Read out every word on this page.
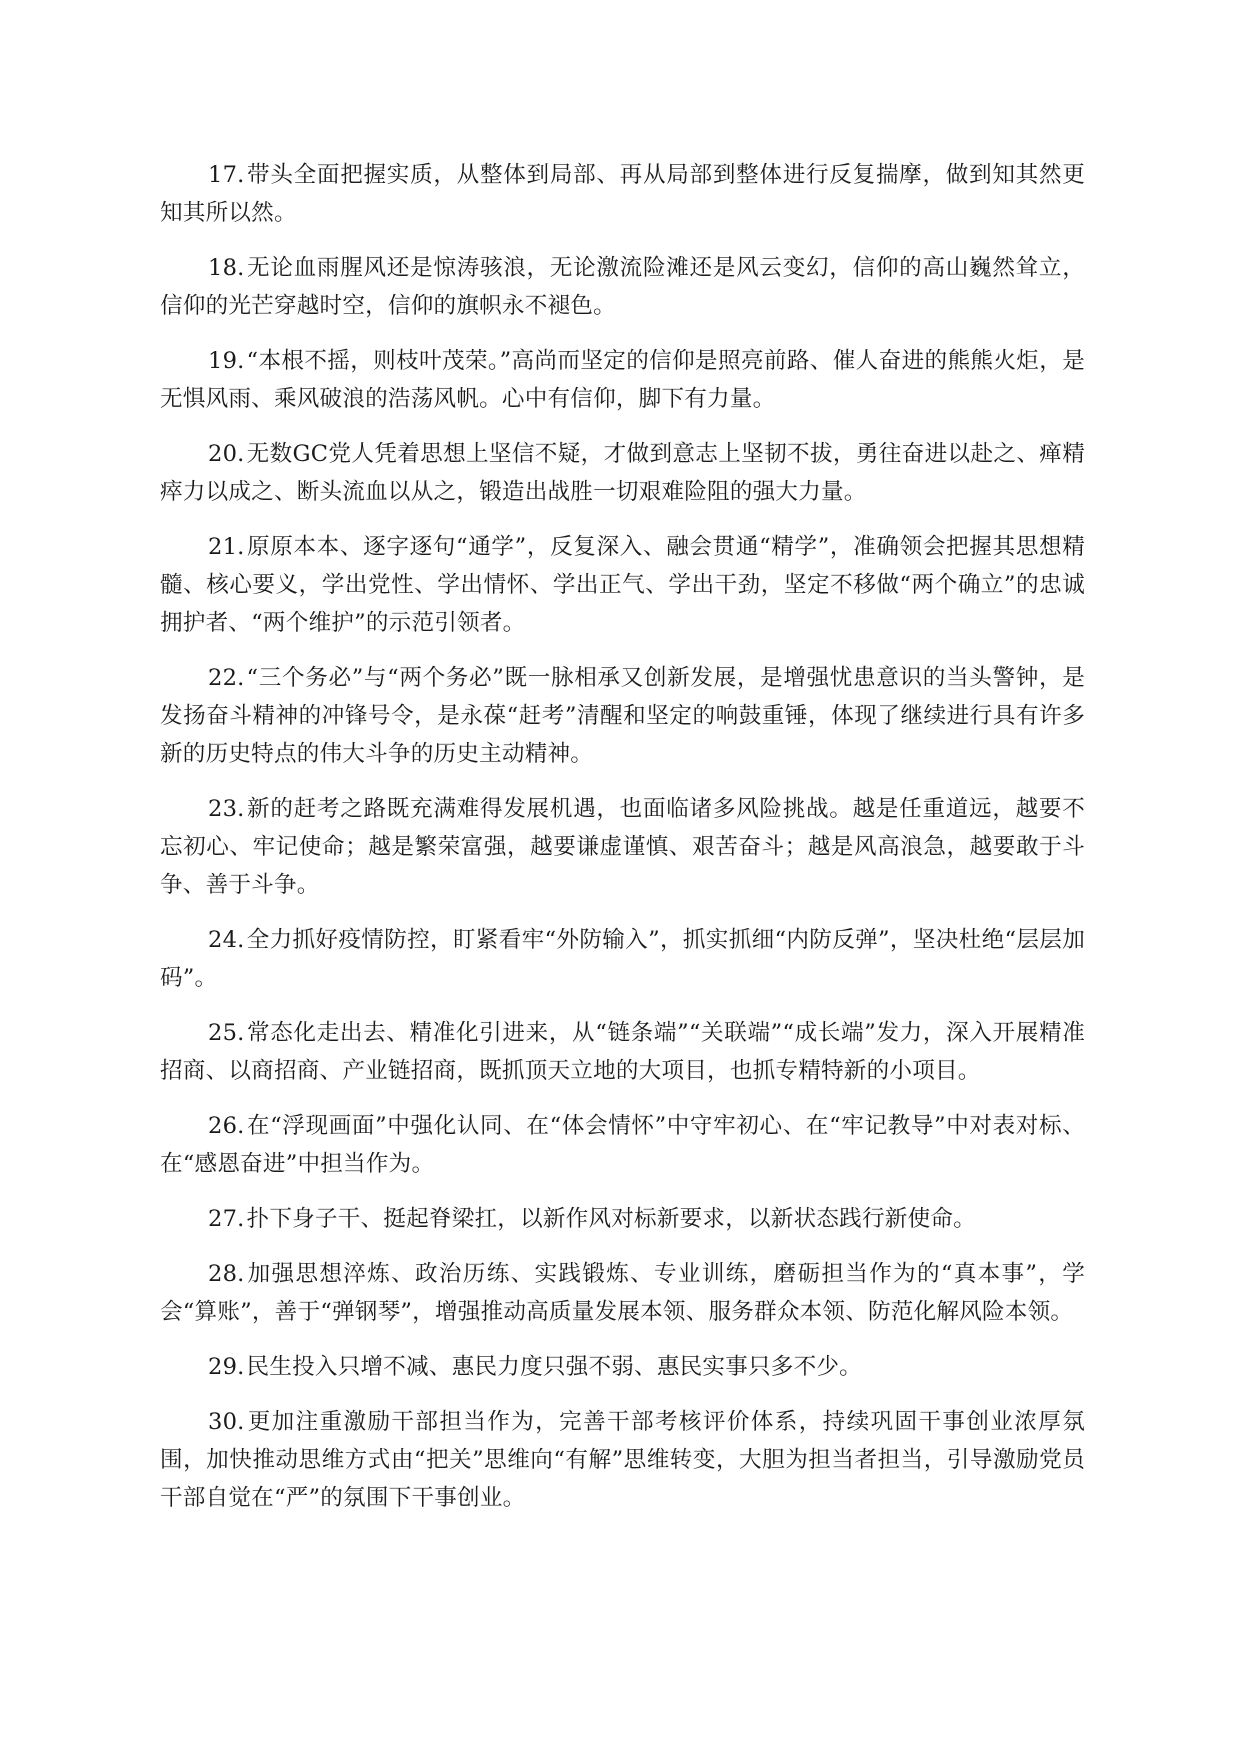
17.带头全面把握实质，从整体到局部、再从局部到整体进行反复揣摩，做到知其然更知其所以然。

18.无论血雨腥风还是惊涛骇浪，无论激流险滩还是风云变幻，信仰的高山巍然耸立，信仰的光芒穿越时空，信仰的旗帜永不褪色。

19.“本根不摇，则枝叶茂荣。”高尚而坚定的信仰是照亮前路、催人奋进的熊熊火炬，是无惧风雨、乘风破浪的浩荡风帆。心中有信仰，脚下有力量。

20.无数GC党人凭着思想上坚信不疑，才做到意志上坚韧不拔，勇往奋进以赴之、瘅精瘁力以成之、断头流血以从之，锻造出战胜一切艰难险阻的强大力量。

21.原原本本、逐字逐句“通学”，反复深入、融会贯通“精学”，准确领会把握其思想精髓、核心要义，学出党性、学出情怀、学出正气、学出干劲，坚定不移做“两个确立”的忠诚拥护者、“两个维护”的示范引领者。

22.“三个务必”与“两个务必”既一脉相承又创新发展，是增强忧患意识的当头警钟，是发扬奋斗精神的冲锋号令，是永葆“赶考”清醒和坚定的响鼓重锤，体现了继续进行具有许多新的历史特点的伟大斗争的历史主动精神。

23.新的赶考之路既充满难得发展机遇，也面临诸多风险挑战。越是任重道远，越要不忘初心、牢记使命；越是繁荣富强，越要谦虚谨慎、艰苦奋斗；越是风高浪急，越要敢于斗争、善于斗争。

24.全力抓好疫情防控，盯紧看牢“外防输入”，抓实抓细“内防反弹”，坚决杜绝“层层加码”。

25.常态化走出去、精准化引进来，从“链条端”“关联端”“成长端”发力，深入开展精准招商、以商招商、产业链招商，既抓顶天立地的大项目，也抓专精特新的小项目。

26.在“浮现画面”中强化认同、在“体会情怀”中守牢初心、在“牢记教导”中对表对标、在“感恩奋进”中担当作为。

27.扑下身子干、挺起脊梁扛，以新作风对标新要求，以新状态践行新使命。

28.加强思想淬炼、政治历练、实践锻炼、专业训练，磨砺担当作为的“真本事”，学会“算账”，善于“弹钢琴”，增强推动高质量发展本领、服务群众本领、防范化解风险本领。

29.民生投入只增不减、惠民力度只强不弱、惠民实事只多不少。

30.更加注重激励干部担当作为，完善干部考核评价体系，持续巩固干事创业浓厚氛围，加快推动思维方式由“把关”思维向“有解”思维转变，大胆为担当者担当，引导激励党员干部自觉在“严”的氛围下干事创业。
